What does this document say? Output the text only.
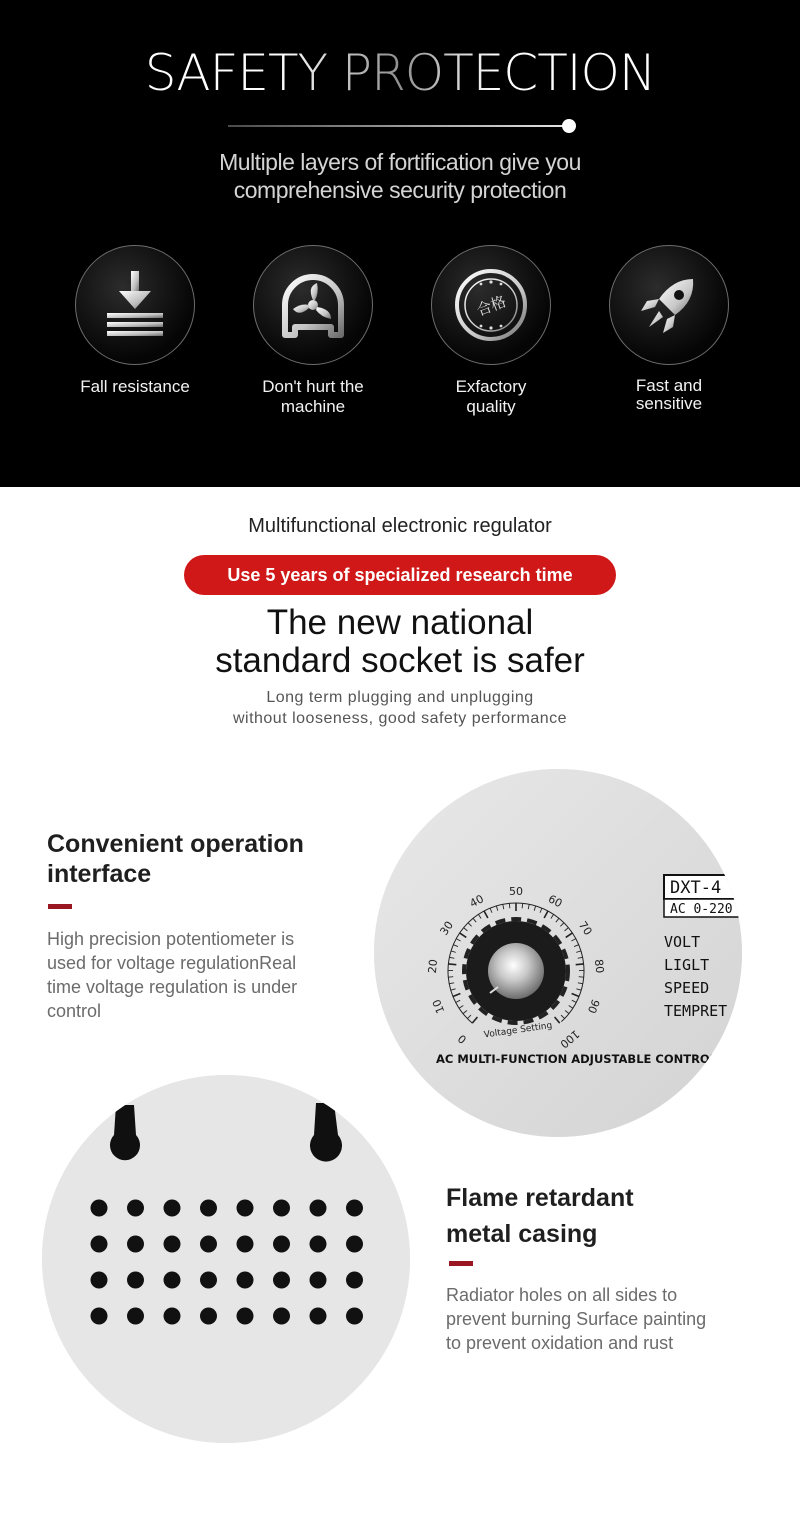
SAFETY PROTECTION

Multiple layers of fortification give you
comprehensive security protection

Fall resistance	Don't hurt the
machine
合格
Exfactory
quality
Fast and
sensitive

Multifunctional electronic regulator

Use 5 years of specialized research time
The new national
standard socket is safer

Long term plugging and unplugging
without looseness, good safety performance

Convenient operation
interface

High precision potentiometer is
used for voltage regulationReal
time voltage regulation is under
control

0
10
20
30
40
50
60
70
80
90
100
Voltage Setting
DXT-4
AC 0-220
VOLT
LIGLT
SPEED
TEMPRET
AC MULTI-FUNCTION ADJUSTABLE CONTROLI
Flame retardant
metal casing

Radiator holes on all sides to
prevent burning Surface painting
to prevent oxidation and rust
